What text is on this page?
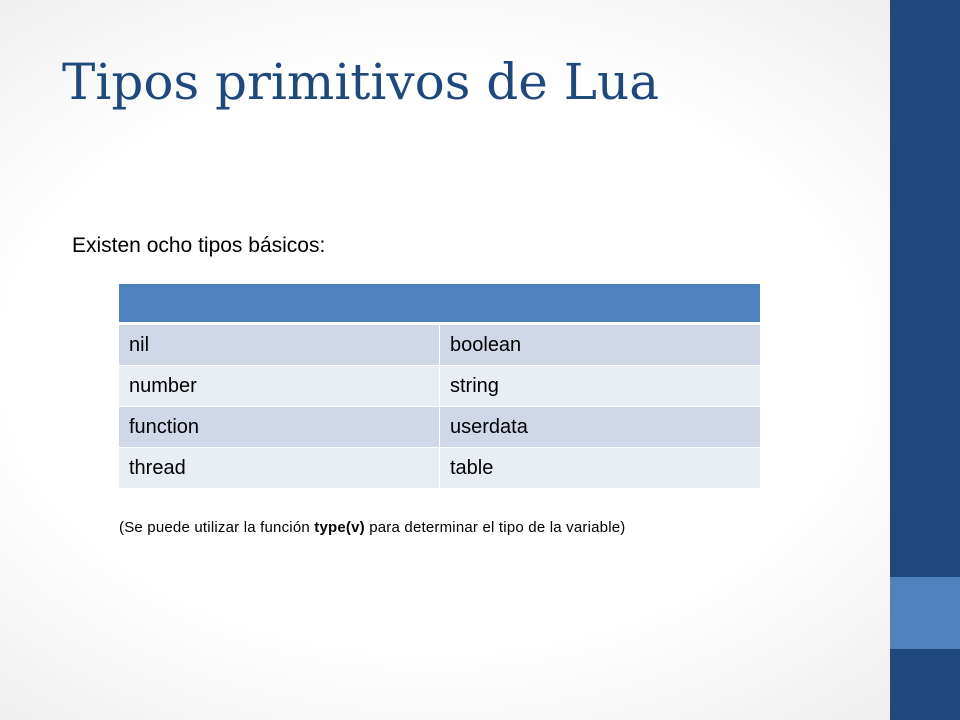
Tipos primitivos de Lua
Existen ocho tipos básicos:

nil	boolean
number	string
function	userdata
thread	table
(Se puede utilizar la función type(v) para determinar el tipo de la variable)
